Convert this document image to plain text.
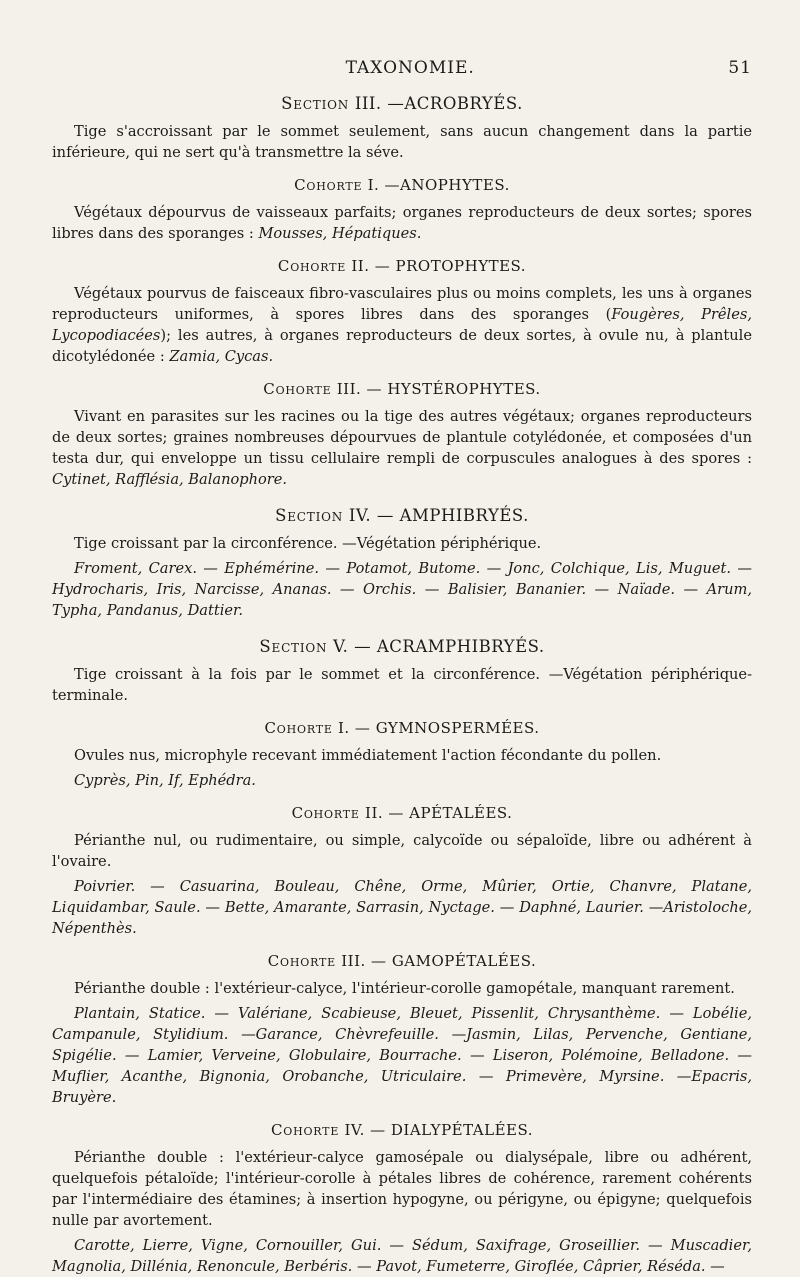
TAXONOMIE.	51
Section III. —ACROBRYÉS.

Tige s'accroissant par le sommet seulement, sans aucun changement dans la partie inférieure, qui ne sert qu'à transmettre la séve.

Cohorte I. —ANOPHYTES.

Végétaux dépourvus de vaisseaux parfaits; organes reproducteurs de deux sortes; spores libres dans des sporanges : Mousses, Hépatiques.

Cohorte II. — PROTOPHYTES.

Végétaux pourvus de faisceaux fibro-vasculaires plus ou moins complets, les uns à organes reproducteurs uniformes, à spores libres dans des sporanges (Fougères, Prêles, Lycopodiacées); les autres, à organes reproducteurs de deux sortes, à ovule nu, à plantule dicotylédonée : Zamia, Cycas.

Cohorte III. — HYSTÉROPHYTES.

Vivant en parasites sur les racines ou la tige des autres végétaux; organes reproducteurs de deux sortes; graines nombreuses dépourvues de plantule cotylédonée, et composées d'un testa dur, qui enveloppe un tissu cellulaire rempli de corpuscules analogues à des spores : Cytinet, Rafflésia, Balanophore.

Section IV. — AMPHIBRYÉS.

Tige croissant par la circonférence. —Végétation périphérique.

Froment, Carex. — Ephémérine. — Potamot, Butome. — Jonc, Colchique, Lis, Muguet. — Hydrocharis, Iris, Narcisse, Ananas. — Orchis. — Balisier, Bananier. — Naïade. — Arum, Typha, Pandanus, Dattier.

Section V. — ACRAMPHIBRYÉS.

Tige croissant à la fois par le sommet et la circonférence. —Végétation périphérique-terminale.

Cohorte I. — GYMNOSPERMÉES.

Ovules nus, microphyle recevant immédiatement l'action fécondante du pollen.

Cyprès, Pin, If, Ephédra.

Cohorte II. — APÉTALÉES.

Périanthe nul, ou rudimentaire, ou simple, calycoïde ou sépaloïde, libre ou adhérent à l'ovaire.

Poivrier. — Casuarina, Bouleau, Chêne, Orme, Mûrier, Ortie, Chanvre, Platane, Liquidambar, Saule. — Bette, Amarante, Sarrasin, Nyctage. — Daphné, Laurier. —Aristoloche, Népenthès.

Cohorte III. — GAMOPÉTALÉES.

Périanthe double : l'extérieur-calyce, l'intérieur-corolle gamopétale, manquant rarement.

Plantain, Statice. — Valériane, Scabieuse, Bleuet, Pissenlit, Chrysanthème. — Lobélie, Campanule, Stylidium. —Garance, Chèvrefeuille. —Jasmin, Lilas, Pervenche, Gentiane, Spigélie. — Lamier, Verveine, Globulaire, Bourrache. — Liseron, Polémoine, Belladone. — Muflier, Acanthe, Bignonia, Orobanche, Utriculaire. — Primevère, Myrsine. —Epacris, Bruyère.

Cohorte IV. — DIALYPÉTALÉES.

Périanthe double : l'extérieur-calyce gamosépale ou dialysépale, libre ou adhérent, quelquefois pétaloïde; l'intérieur-corolle à pétales libres de cohérence, rarement cohérents par l'intermédiaire des étamines; à insertion hypogyne, ou périgyne, ou épigyne; quelquefois nulle par avortement.

Carotte, Lierre, Vigne, Cornouiller, Gui. — Sédum, Saxifrage, Groseillier. — Muscadier, Magnolia, Dillénia, Renoncule, Berbéris. — Pavot, Fumeterre, Giroflée, Câprier, Réséda. —
